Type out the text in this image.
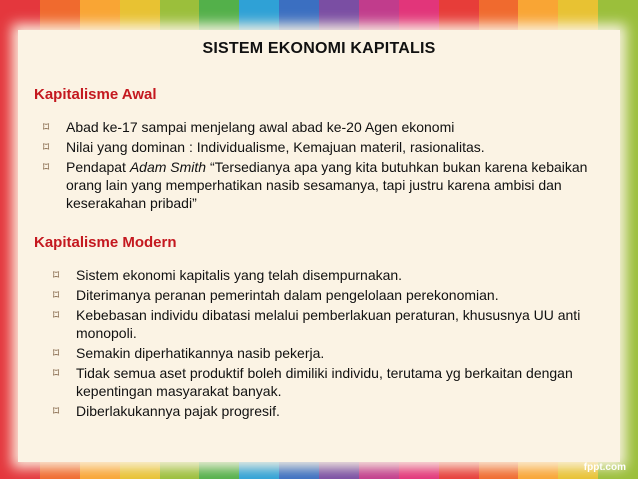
SISTEM EKONOMI KAPITALIS
Kapitalisme Awal
⌑ Abad ke-17 sampai menjelang awal abad ke-20 Agen ekonomi
⌑ Nilai yang dominan : Individualisme, Kemajuan materil, rasionalitas.
⌑ Pendapat Adam Smith “Tersedianya apa yang kita butuhkan bukan karena kebaikan orang lain yang memperhatikan nasib sesamanya, tapi justru karena ambisi dan keserakahan pribadi”
Kapitalisme Modern
⌑ Sistem ekonomi kapitalis yang telah disempurnakan.
⌑ Diterimanya peranan pemerintah dalam pengelolaan perekonomian.
⌑ Kebebasan individu dibatasi melalui pemberlakuan peraturan, khususnya UU anti monopoli.
⌑ Semakin diperhatikannya nasib pekerja.
⌑ Tidak semua aset produktif boleh dimiliki individu, terutama yg berkaitan dengan kepentingan masyarakat banyak.
⌑ Diberlakukannya pajak progresif.
fppt.com
